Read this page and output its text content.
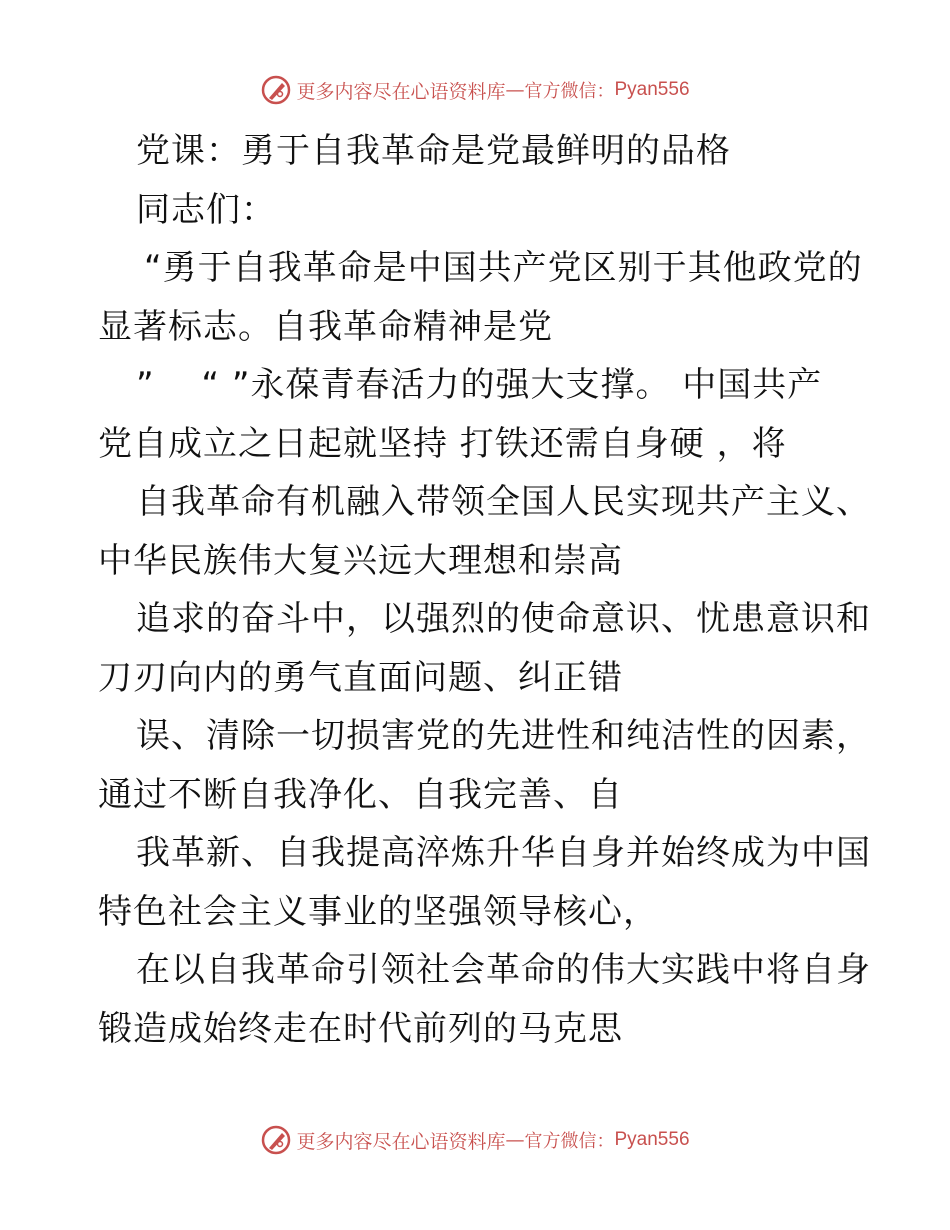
更多内容尽在心语资料库 — 官方微信： Pyan556
党课：勇于自我革命是党最鲜明的品格
同志们：
“勇于自我革命是中国共产党区别于其他政党的
显著标志。自我革命精神是党
”　 “ ”永葆青春活力的强大支撑。 中国共产
党自成立之日起就坚持 打铁还需自身硬 ，将
自我革命有机融入带领全国人民实现共产主义、
中华民族伟大复兴远大理想和崇高
追求的奋斗中，以强烈的使命意识、忧患意识和
刀刃向内的勇气直面问题、纠正错
误、清除一切损害党的先进性和纯洁性的因素，
通过不断自我净化、自我完善、自
我革新、自我提高淬炼升华自身并始终成为中国
特色社会主义事业的坚强领导核心，
在以自我革命引领社会革命的伟大实践中将自身
锻造成始终走在时代前列的马克思
更多内容尽在心语资料库 — 官方微信： Pyan556
